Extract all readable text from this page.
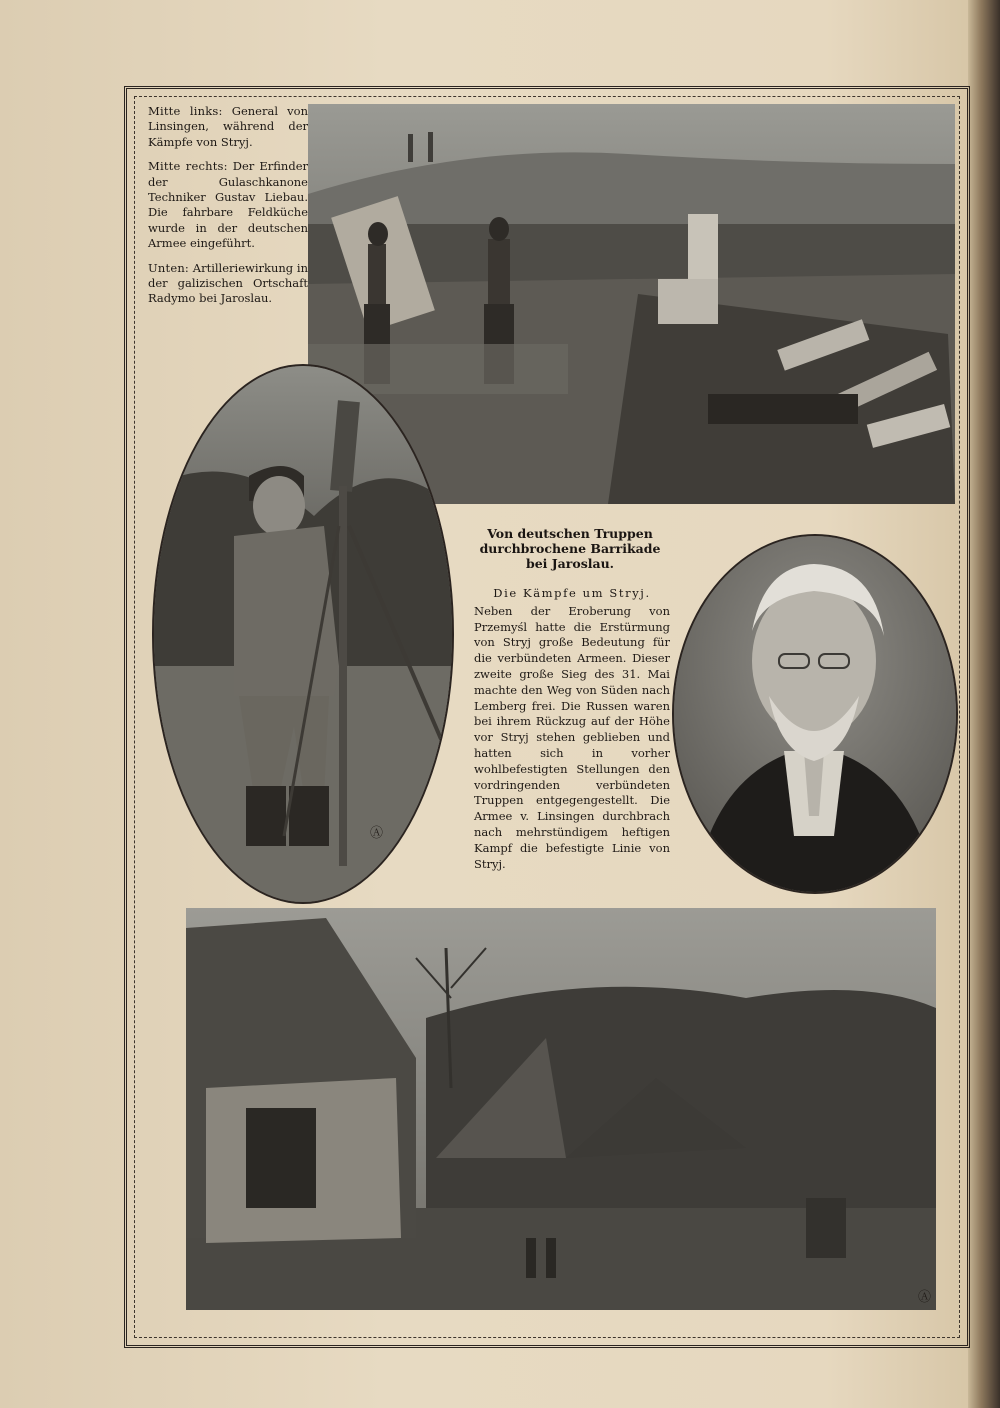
Mitte links: General von Linsingen, während der Kämpfe von Stryj.

Mitte rechts: Der Erfinder der Gulaschkanone Techniker Gustav Liebau. Die fahrbare Feldküche wurde in der deutschen Armee eingeführt.

Unten: Artilleriewirkung in der galizischen Ortschaft Radymo bei Jaroslau.

Von deutschen Truppen
durchbrochene Barrikade
bei Jaroslau.
Die Kämpfe um Stryj.
Neben der Eroberung von Przemyśl hatte die Erstürmung von Stryj große Bedeutung für die verbündeten Armeen. Dieser zweite große Sieg des 31. Mai machte den Weg von Süden nach Lemberg frei. Die Russen waren bei ihrem Rückzug auf der Höhe vor Stryj stehen geblieben und hatten sich in vorher wohlbefestigten Stellungen den vordringenden verbündeten Truppen entgegengestellt. Die Armee v. Linsingen durchbrach nach mehrstündigem heftigen Kampf die befestigte Linie von Stryj.
Ⓐ
Ⓐ
